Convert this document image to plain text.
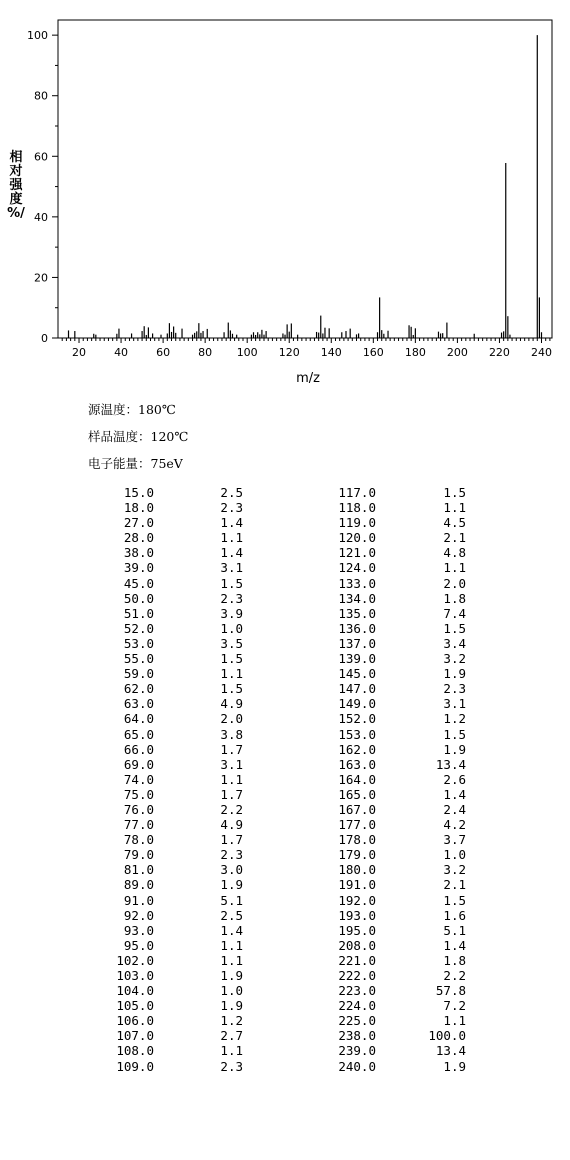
20	40	60	80 100 120 140 160 180 200 220 240
0
20
40
60
80
100
m/z
相
对
强
度
%/
源温度：180℃
样品温度：120℃
电子能量：75eV
15.0	2.5	117.0	1.5
18.0	2.3	118.0	1.1
27.0	1.4	119.0	4.5
28.0	1.1	120.0	2.1
38.0	1.4	121.0	4.8
39.0	3.1	124.0	1.1
45.0	1.5	133.0	2.0
50.0	2.3	134.0	1.8
51.0	3.9	135.0	7.4
52.0	1.0	136.0	1.5
53.0	3.5	137.0	3.4
55.0	1.5	139.0	3.2
59.0	1.1	145.0	1.9
62.0	1.5	147.0	2.3
63.0	4.9	149.0	3.1
64.0	2.0	152.0	1.2
65.0	3.8	153.0	1.5
66.0	1.7	162.0	1.9
69.0	3.1	163.0	13.4
74.0	1.1	164.0	2.6
75.0	1.7	165.0	1.4
76.0	2.2	167.0	2.4
77.0	4.9	177.0	4.2
78.0	1.7	178.0	3.7
79.0	2.3	179.0	1.0
81.0	3.0	180.0	3.2
89.0	1.9	191.0	2.1
91.0	5.1	192.0	1.5
92.0	2.5	193.0	1.6
93.0	1.4	195.0	5.1
95.0	1.1	208.0	1.4
102.0	1.1	221.0	1.8
103.0	1.9	222.0	2.2
104.0	1.0	223.0	57.8
105.0	1.9	224.0	7.2
106.0	1.2	225.0	1.1
107.0	2.7	238.0	100.0
108.0	1.1	239.0	13.4
109.0	2.3	240.0	1.9
